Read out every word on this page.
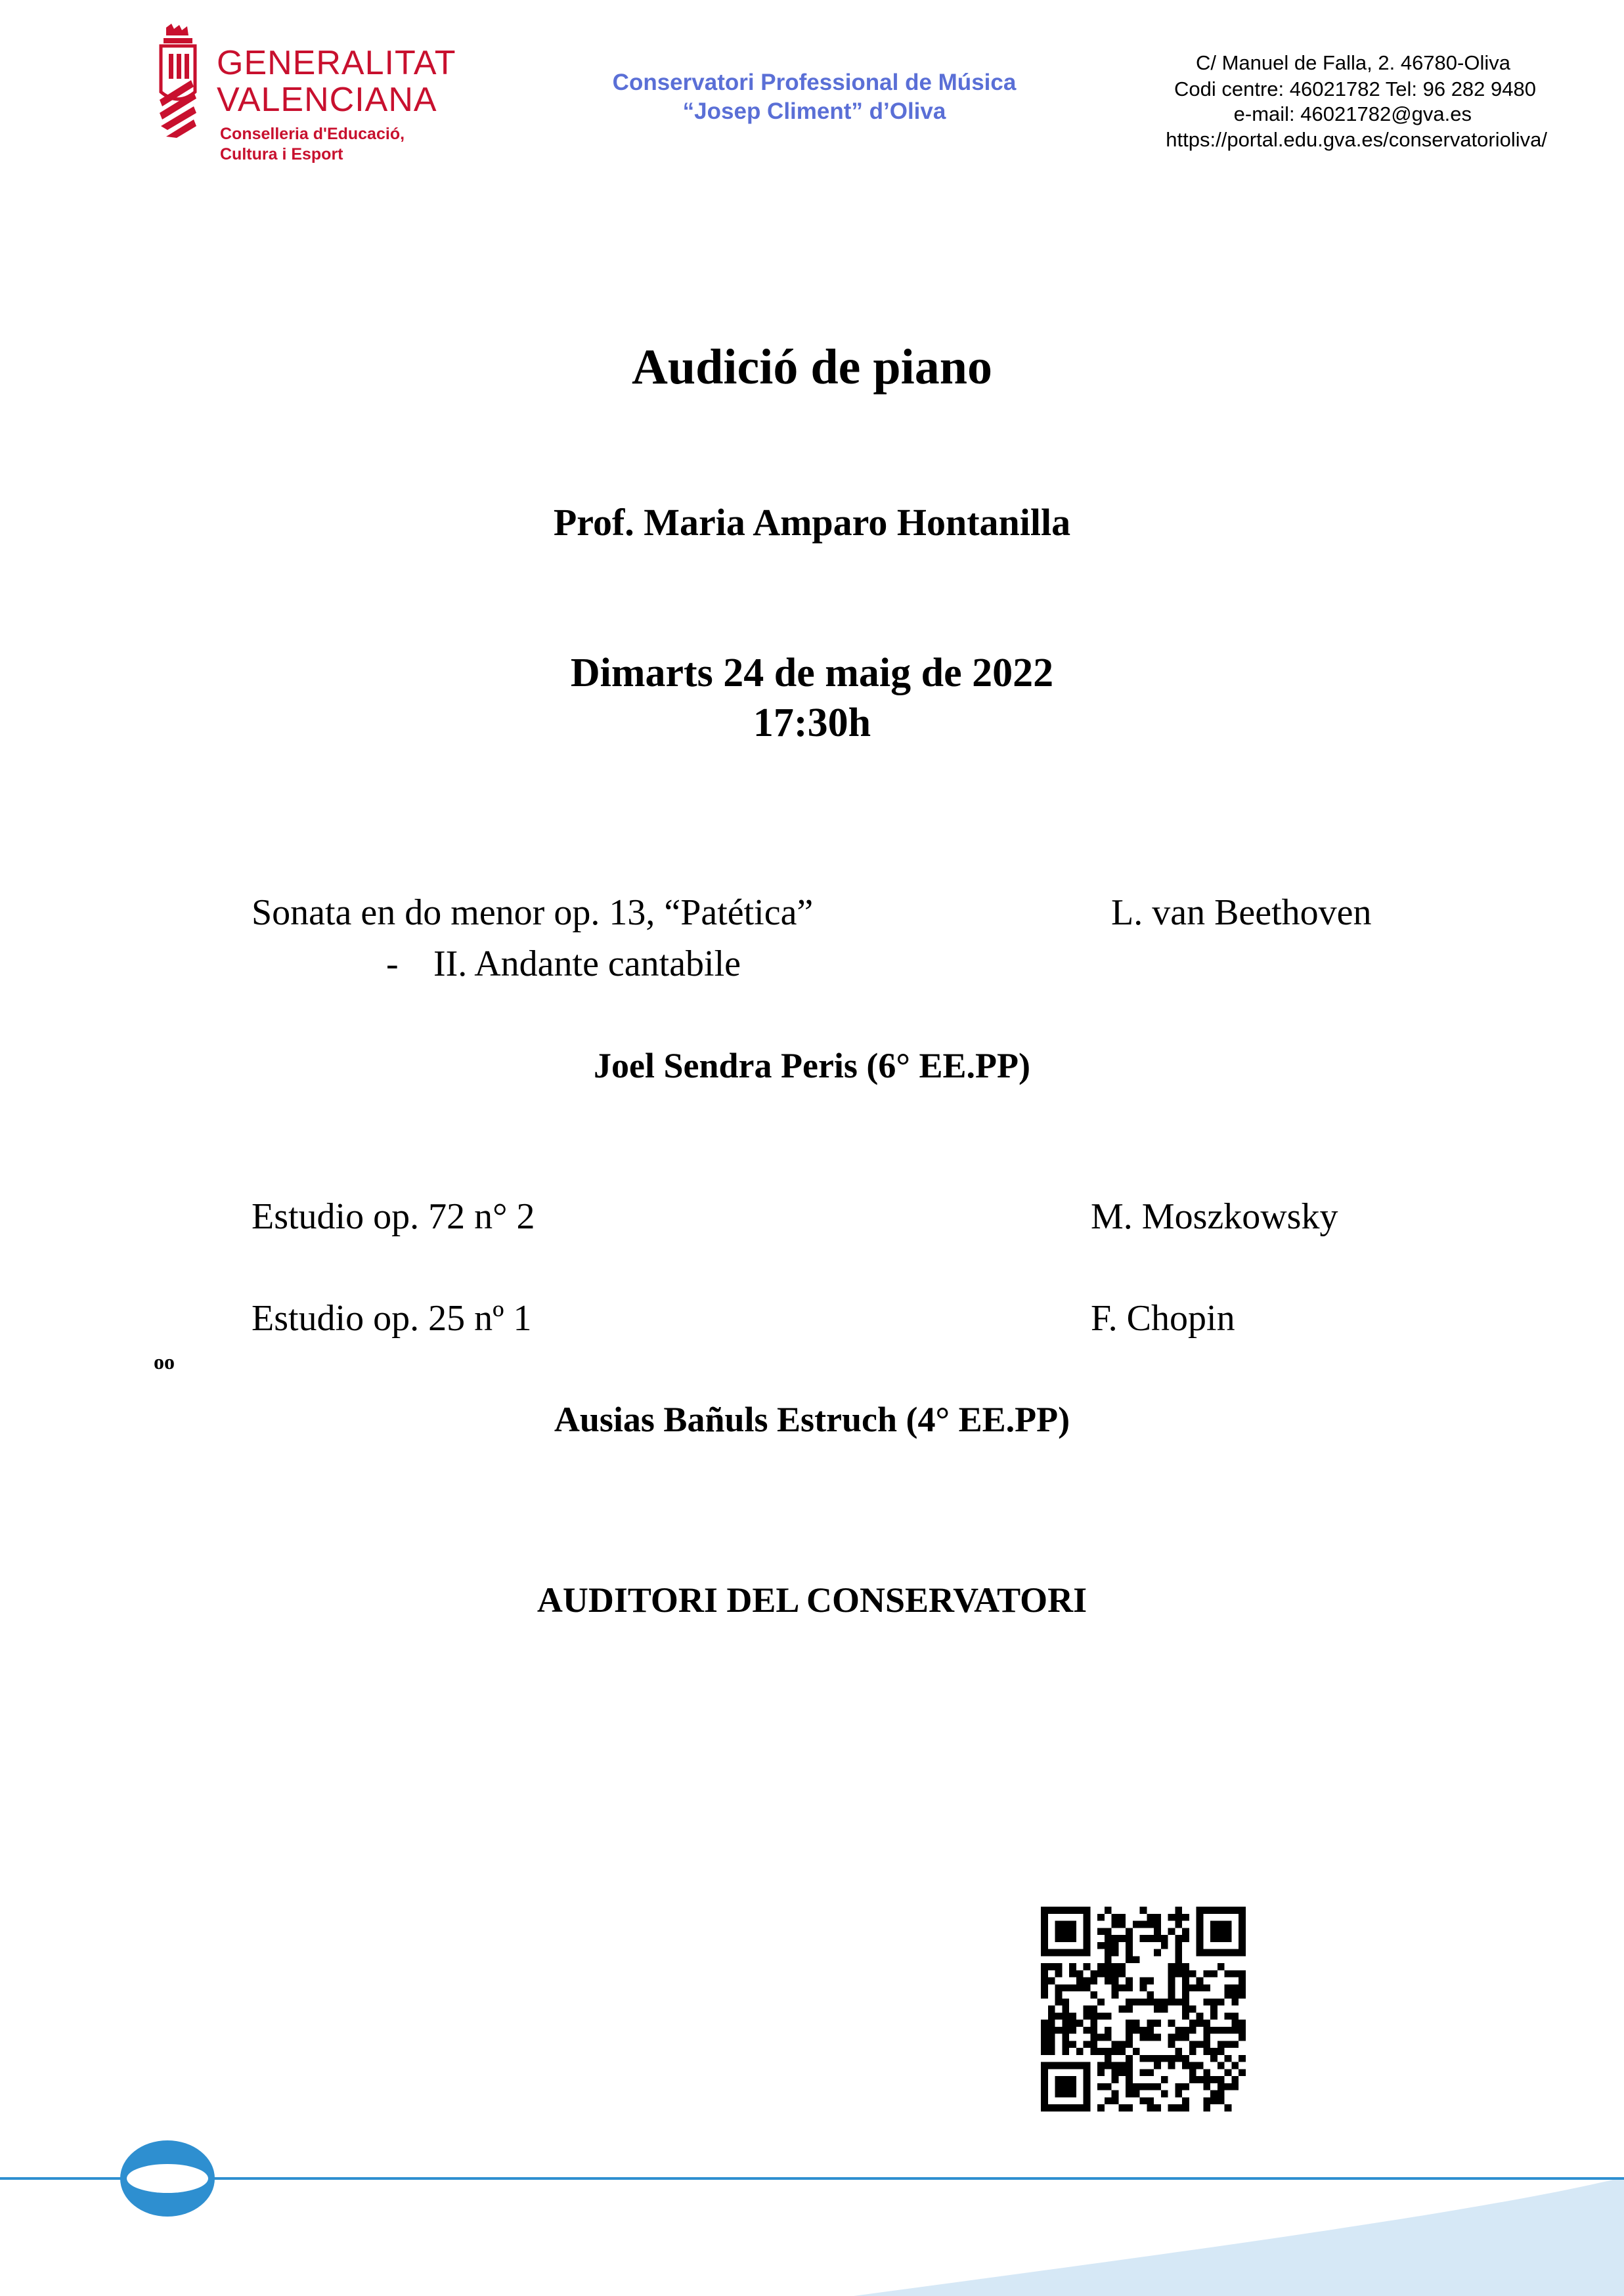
GENERALITAT
VALENCIANA
Conselleria d'Educació,
Cultura i Esport
Conservatori Professional de Música
“Josep Climent” d’Oliva
C/ Manuel de Falla, 2. 46780-Oliva
Codi centre: 46021782 Tel: 96 282 9480
e-mail: 46021782@gva.es
https://portal.edu.gva.es/conservatorioliva/
Audició de piano
Prof. Maria Amparo Hontanilla
Dimarts 24 de maig de 2022
17:30h
Sonata en do menor op. 13, “Patética”	L. van Beethoven
- II. Andante cantabile
Joel Sendra Peris (6° EE.PP)
Estudio op. 72 n° 2	M. Moszkowsky
Estudio op. 25 nº 1	F. Chopin
oo
Ausias Bañuls Estruch (4° EE.PP)
AUDITORI DEL CONSERVATORI
